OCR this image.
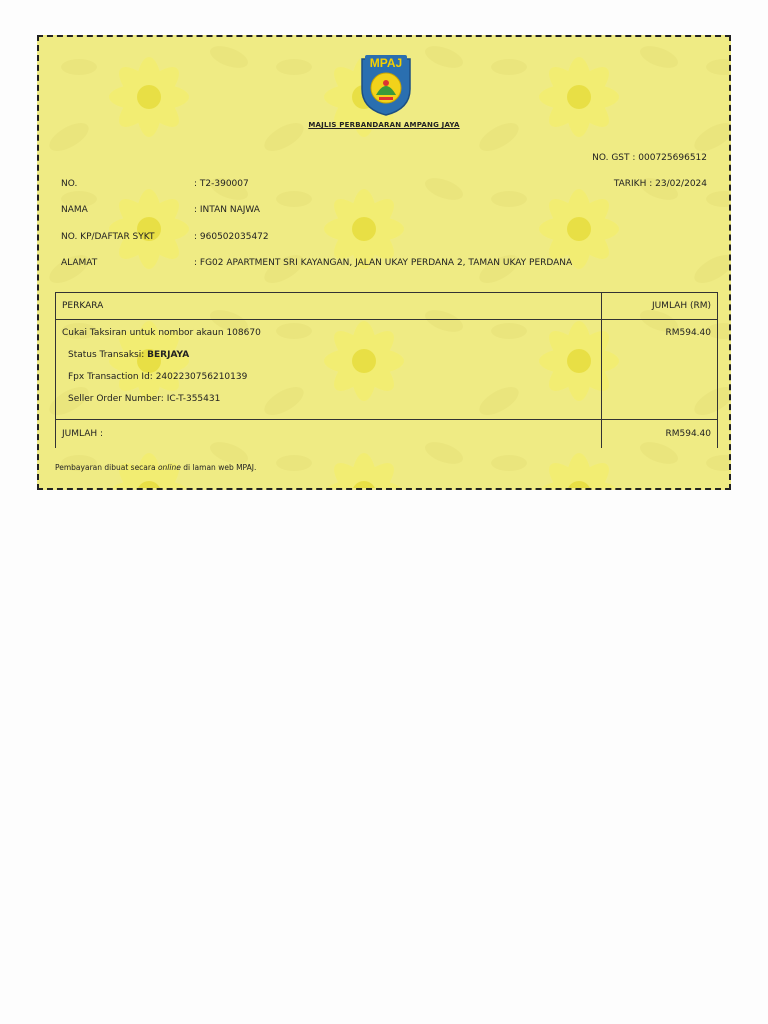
MPAJ
MAJLIS PERBANDARAN AMPANG JAYA
NO. GST : 000725696512
NO.	: T2-390007	TARIKH : 23/02/2024
NAMA	: INTAN NAJWA
NO. KP/DAFTAR SYKT	: 960502035472
ALAMAT	: FG02 APARTMENT SRI KAYANGAN, JALAN UKAY PERDANA 2, TAMAN UKAY PERDANA
PERKARA	JUMLAH (RM)
Cukai Taksiran untuk nombor akaun 108670	RM594.40
Status Transaksi: BERJAYA
Fpx Transaction Id: 2402230756210139
Seller Order Number: IC-T-355431
JUMLAH :	RM594.40
Pembayaran dibuat secara online di laman web MPAJ.
